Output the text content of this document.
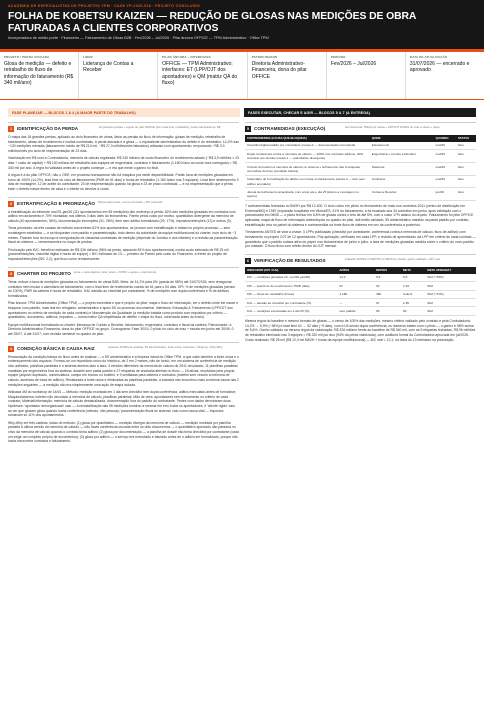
ACADEMIA DE ESPECIALISTAS DE PROJETOS YPM · CASE YP-2026-018 · PROJETO CONCLUÍDO
FOLHA DE KOBETSU KAIZEN — REDUÇÃO DE GLOSAS NAS MEDIÇÕES DE OBRA FATURADAS A CLIENTES CORPORATIVOS
Incorporadora de médio porte · Financeiro — Faturamento de Obras B2B · Fev/2026 – Jul/2026 · Pilar âncora OFFICE — TPM Administrativo · Office TPM
PROJETO / PERDA ATACADA
Glosa de medição — defeito e retrabalho do fluxo de informação do faturamento (R$ 340 mil/ano)
LÍDER
Liderança de Contas a Receber
PILAR ÂNCORA + INTERFACES
OFFICE — TPM Administrativo; interfaces: ET (LPP/OJT dos apontadores) e QM (matriz QA do fluxo)
PATROCINADOR
Diretoria Administrativo-Financeira, dona do pilar OFFICE
PERÍODO
Fev/2026 – Jul/2026
DATA DE ATUALIZAÇÃO
31/07/2026 — encerrado e aprovado
FASE PLANEJAR — BLOCOS 1 A 4 (A MAIOR PARTE DO TRABALHO)	FASES EXECUTAR, CHECAR E AGIR — BLOCOS 5 A 7 (A ENTREGA)
1	IDENTIFICAÇÃO DA PERDA	16 glosados perdas + regras do pilar OFFICE (sim; lead time, retrabalho); perda valorizada em R$
O mapa das 16 grandes perdas, aplicado ao ciclo financeiro de obras, listou as perdas do fluxo de informação: glosas de medição, retrabalho de faturamento, atraso de recebimento e multas contratuais. A perda atacada é a glosa — o equivalente administrativo do defeito e do retrabalho: 14,2% das ~130 medições mensais (faturamento médio de R$ 210 mil, ~R$ 27,3 milhões/mês faturados) voltavam com apontamento, empurrando ~R$ 3,9 milhões/mês pro ciclo de reapresentação de 23 dias.
Valorização em R$ com a Controladoria, memória de cálculo registrada: R$ 240 mil/ano de custo financeiro do recebimento adiado (~R$ 3,9 milhões × 23 dias + custo de capital) + R$ 100 mil/ano de retrabalho das equipes de engenharia, contratos e faturamento (1.180 h/ano ao custo hora carregado) = R$ 340 mil por ano. A regra foi validada antes de o projeto começar — e ela que mede o ganho no final.
A régua é a do pilar OFFICE, não o OEE: em processo transacional não há máquina pra medir disponibilidade. Partia: taxa de medições glosadas em torno de 100% (14,2%), lead time do ciclo de faturamento (PMR de 61 dias) e horas de retrabalho (1.180 h/ano nas 3 equipes). Lead time desempenho 3 dias de montagem, 12 de aceite do contratante, 23 de reapresentação quando há glosa e 23 de prazo contratual — é na reapresentação que a perda bate: o defeito nasce dentro de casa e o cliente só devolve a conta.
2	ESTRATIFICAÇÃO E PRIORIZAÇÃO Pareto para custo + tema priorizado + R/C estimado
A estratificação do trimestre nov/25–jan/26 (111 apontamentos em 55 medições) deu endereço à perda: 62% das medições glosadas em contratos com aditivo em andamento e 70% montadas nos últimos 3 dias úteis do fechamento. Pareto pelos custo por motivo: quantitativo divergente da memória de cálculo (40 apontamentos; 36%), documentação incompleta (31; 28%), item sem aditivo formalizado (29; 17%), impostos/retenções (12) e outros (9).
Tema priorizado: as três causas de método concentram 81% dos apontamentos, se provam com estratificação e tratam no próprio processo — sem modelagem estatística — e se bloqueiam com padrão e parametrização, todo dentro da autoridade da equipe multifuncional do charter, num ciclo de ~3 meses. Ficaram fora do escopo a renegociação de cláusulas contratuais de medição (depende do Jurídico e dos clientes) e a revisão da parametrização fiscal do sistema — remanescentes no mapa de perdas.
Priorização pelo B/C: benefício estimado de R$ 326 mil/ano (96% da perda, atacando 81% dos apontamentos) contra custo estimado de R$ 25 mil (parametrizações, checklist digital e horas de equipe) = B/C estimado de 13 — primeiro do Pareto pelo custo do Financeiro, à frente do projeto de impostos/retenções (B/C 2,2), que ficou como remanescente.
3	CHARTER DO PROJETO tema + meta objetiva, valor, prazo + KPI/Kl + equipe + pilar âncora
Tema: reduzir a taxa de medições glosadas no faturamento de obras B2B. Meta: de 14,2% para 6% (queda de 58%) até 31/07/2026, sem renegociar contratos nem mudar o calendário de faturamento, com o lead time de recebimento caindo de 61 para ≤ 54 dias. KPI: % de medições glosadas (sensor do 100%), PMR da carteira e horas de retrabalho. KAI: adesão ao checklist por contratante, % de medições com dupla conferência e % de aditivos formalizados.
Pilar âncora: TPM Administrativo (Office TPM) — o projeto esverdeia e que é próprio do pilar: mapa o fluxo de informação, ver o defeito onde ele nasce e bloquear com padrão, mais leal trio refugiado: administrativo e apoio 5S no processo documental. Interfaces: Educação & Treinamento (LPP/OJT dos apontadores no critério de medição de cada contrato) e Manutenção da Qualidade (a medição tratada como produto com requisitos por critério — quantitativo, documento, aditivos, impostos — numa matriz QA simplificada de defeito × etapa do fluxo, controlada antes do envio).
Equipe multifuncional formalizada no charter: liderança de Contas a Receber, faturamento, engenharia, contratos e fiscal da carteira. Patrocinador: a Diretoria Administrativo-Financeira, dona do pilar OFFICE no grupo. Cronograma: Fase 30/24, 0 piloto no ciclo de mao + escala em junho até 30/06, 0 até 25/07, A até 31/07; com revisão semanal no quadro do pilar.
4	CONDIÇÃO BÁSICA E CAUSA RAIZ	restaurar ANTES de analisar, 5S administrativo, fonte única, etiquetas + Shaping +Why-Why
Restauração da condição básica do fluxo antes de analisar — o 5S administrativo e a limpeza inicial do Office TPM, a que cabe também a fonte única e o endereçamento dos arquivos. Formou-se um repositório único do histórico, de 2 em 2 meses, não de fundo, em um sistema de conferência de medição não unificado; planilhas paralelas e o sistema abertos lado a lado: 3 versões diferentes da memória de cálculo de 2041 circulando, 11 planilhas paralelas mantidas por engenheiros fora do sistema, dossiês sem pasta padrão e 27 etiquetas de anomalia abertas no fluxo — 18 ativas, resolvidas pela própria equipe (arquivo duplicado, nomenclatura, campo em branco no boletim, e 9 ventiladas para sistema e contratos (boletim sem vínculo à memória de cálculo, ausência de trava de aditivo). Restaurada a fonte única e eliminadas as planilhas paralelas, a amostra não encontrou mais a mesma causa nas 2 medições seguintes — a medição não era simplesmente uma ação de etapa isolada.
Ishikawa 4M do workshop de 14/04 — Método: medição montada em 1 dia sem checklist nem dupla conferência, aditivo executado antes de formalizar; Máquina/sistema: boletim não vinculado à memória de cálculo, planilhas paralelas; Mão de obra: apontadores sem treinamento no critério de cada contrato; Material/informação: memória de cálculo desatualizada, documentação fora do padrão do contratante. Testes com dados derrubaram duas hipóteses: 'apontador desorganizado' caiu — a reclassificação das 55 medições mostrou a mesma em erro todos os apontadores, e 'cliente rígido' caiu ao ver que glosam glosa quando havia conferência (método, não pessoa); 'parametrização fiscal do sistema' caiu como causa vital — impostos somavam só 11% dos apontamentos.
Why-Why em três cadeias, todas de método: (1) glosa por quantitativo — medição divergia da memória de cálculo — medição montada por planilha paralela à última versão da memória de cálculo — não havia conferência cruzada entre os dois documentos — o quantitativo apontado não passava no crivo da memória de cálculo quando o contrato tinha aditivo; (2) glosa por documentação — a planilha de dossiê não tinha checklist por contratante (cada um exige um conjunto próprio de documentos); (3) glosa por aditivo — o serviço era executado e faturado antes de o aditivo ser formalizado, porque não havia trava entre contratos e faturamento.
5	CONTRAMEDIDAS (EXECUÇÃO)	Sem Executar: 5W2H por causa + LPP/OJT ANTES de virar a chave + piloto
CONTRAMEDIDA (CAUSA QUE BLOQUEIA)	QUEM	QUANDO	STATUS
Checklist digital padrão por contratante (causa 2 — documentação incompleta)	Faturamento	mai/26	feito
Dupla conferência contra a memória de cálculo — 100% nos contratos aditivos, 30% amostral nos demais (causa 1 — quantitativo divergente)	Engenharia + Contas a Receber	mai/26	feito
Vínculo do boletim à memória de cálculo no sistema + fechamento das 9 etiquetas vermelhas do fluxo (condição básica)	Sistemas	mai/26	feito
Calendário de formalização de aditivo com trava no faturamento (causa 3 — item sem aditivo acordado)	Contratos	mai/26	feito
Janela de fechamento antecipada, com envio até o dia 25 (ânimo a montagem no aperto)	Contas a Receber	jun/26	feito
7 contramedidas fechadas no 5W2H por R$ 12.400. O ciclo rodou em piloto no fechamento de maio nos contratos 2041 (centro de distribuição em Extrema/MG) e 1987 (expansão hospitalar em Vitória/ES; 31% do faturamento, a foi escalado aos 34 contratos em junho, após validação com o patrocinador em 06/06 — o piloto fechou em 6,8% de glosas contra o teto de até 6%, com o custo 17% abaixo do orçado. Faturamento foi pilar OFFICE aplicadas; mapa de fluxo de informação antes/depois no quadro do pilar, dali então validado, 55 administrativo mantido na pasta padrão por contrato, estratificação viva no painel do sistema e contramedida na fonte fluxo de sistema em vez da conferência a posteriori.
Treinamento ANTES de virar a chave: 3 LPPs publicadas (checklist por contratante, conferência contra a memória de cálculo, fluxo de aditivo) com treinamento no próprio OJT de 12 apontadores. Pós-aplicação, verificado em cada LPP, e revisão de aprendizado via LPP em critério de cada contrato — garantindo que o padrão rodava além do papel: nos fechamentos de junho e julho, a taxa de medições glosadas medida sobre o critério do novo padrão por unidade. O fluxo ficou com refeito dentro do OJT mensal.
6	VERIFICAÇÃO DE RESULTADOS	indicador ANTES vs DEPOIS vs META do charter, ganho validado + B/C real
INDICADOR (KPI / KAI)	ANTES	DEPOIS	META	META ATINGIDA?
KPI — medições glosadas (%, nov/25–jan/26)	14,2	5,9	6,0	SIM (−58%)
KPI — lead time do recebimento / PMR (dias)	61	52	≤ 54	SIM
KPI — horas de retrabalho (h/ano)	1.180	460	reduzir	SIM (−61%)
KAI — adesão ao checklist por contratante (%)	—	97	≥ 95	SIM
KAI — medições executadas em ≤ dia 25 (%)	sem padrão	80	80	SIM
Mesma régua do baseline e mesmo formato de glosas — o censo de 100% das medições, mesmo critério validado pelo contrato e pela Controladoria: 14,2% → 5,9% (−58%) e lead time 61 → 52 dias (−9 dias), com a LB sendo dupla conferência; os números batem com o piloto — o ganho é 58% acima de 5,6%. Ganho validado na mesma régua da valorização: R$ 326 mil/ano frente ao baseline de R$ 340 mil, com as 9 etiquetas fechadas. R$ 96 milhões de retrabalho eliminado nas 3 equipes = R$ 320 mil por ano (94% da perda valorizada), com auditoria formal da Controladoria aprovada em jul/2026. Custo realizado: R$ 28 mil (R$ 12,4 mil 5W2H + horas da equipe multifuncional) — B/C real = 12,1, na faixa do 13 estimado na priorização.
